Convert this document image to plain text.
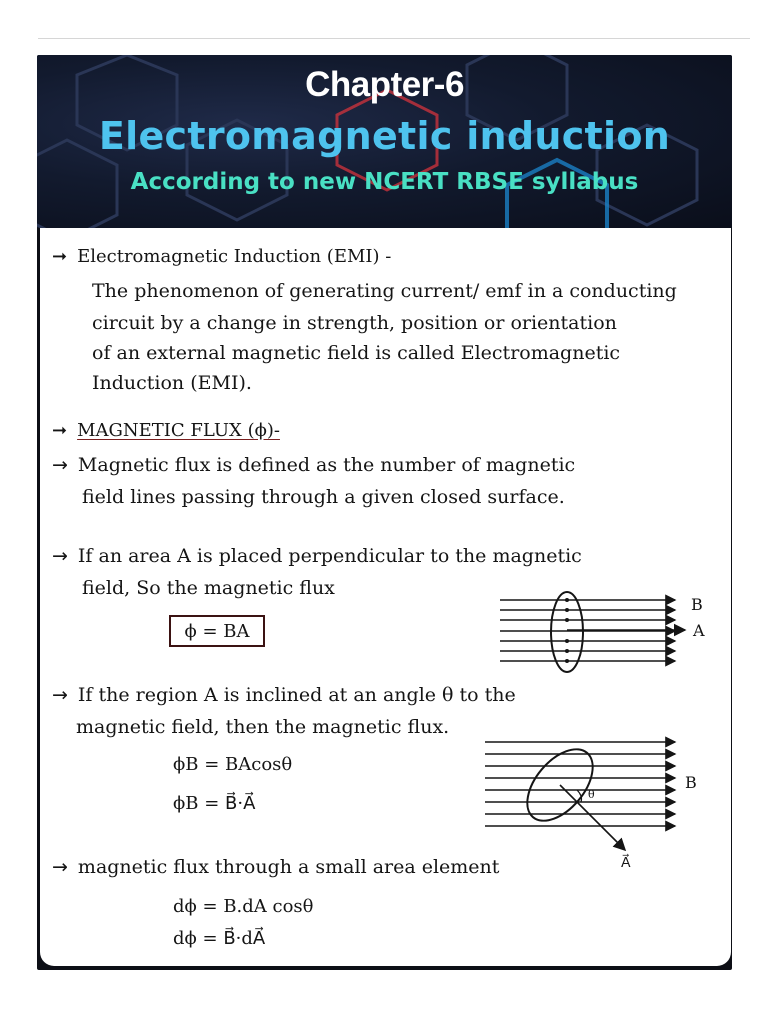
Chapter-6
Electromagnetic induction
According to new NCERT RBSE syllabus
➞ Electromagnetic Induction (EMI) -
The phenomenon of generating current/ emf in a conducting
circuit by a change in strength, position or orientation
of an external magnetic field is called Electromagnetic
Induction (EMI).
➞ MAGNETIC FLUX (ϕ)-
→ Magnetic flux is defined as the number of magnetic
field lines passing through a given closed surface.
→ If an area A is placed perpendicular to the magnetic
field, So the magnetic flux
ϕ = BA
B
A
→ If the region A is inclined at an angle θ to the
magnetic field, then the magnetic flux.
ϕB = BAcosθ
ϕB = B⃗·A⃗	θ
B
A⃗
→ magnetic flux through a small area element
dϕ = B.dA cosθ
dϕ = B⃗·dA⃗
